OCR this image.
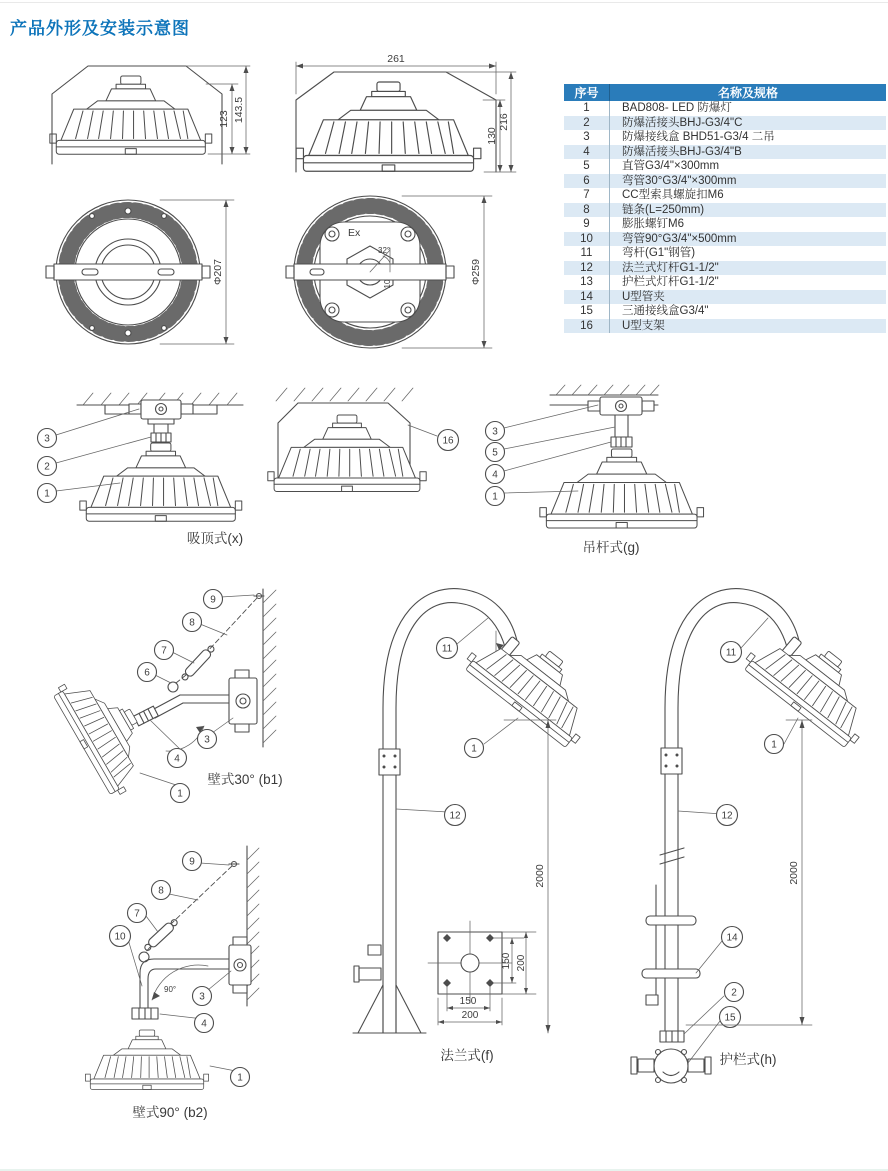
产品外形及安装示意图
123 143.5
261
130
216
Φ207
Ex
32°
10	Φ259
序号	名称及规格
1	BAD808- LED 防爆灯
2	防爆活接头BHJ-G3/4"C
3	防爆接线盒 BHD51-G3/4 二吊
4	防爆活接头BHJ-G3/4"B
5	直管G3/4"×300mm
6	弯管30°G3/4"×300mm
7	CC型索具螺旋扣M6
8	链条(L=250mm)
9	膨胀螺钉M6
10	弯管90°G3/4"×500mm
11	弯杆(G1"钢管)
12	法兰式灯杆G1-1/2"
13	护栏式灯杆G1-1/2"
14	U型管夹
15	三通接线盒G3/4"
16	U型支架
3
2
1
16
3
5
4
1
9
8
7
6
3
4
1
90°
9
8
7
10
3
4
1
11
1
12
2000
150 200
150
200
11
1
12
14
2
15
2000
吸顶式(x)
吊杆式(g)
壁式30° (b1)
壁式90° (b2)
法兰式(f)	护栏式(h)
